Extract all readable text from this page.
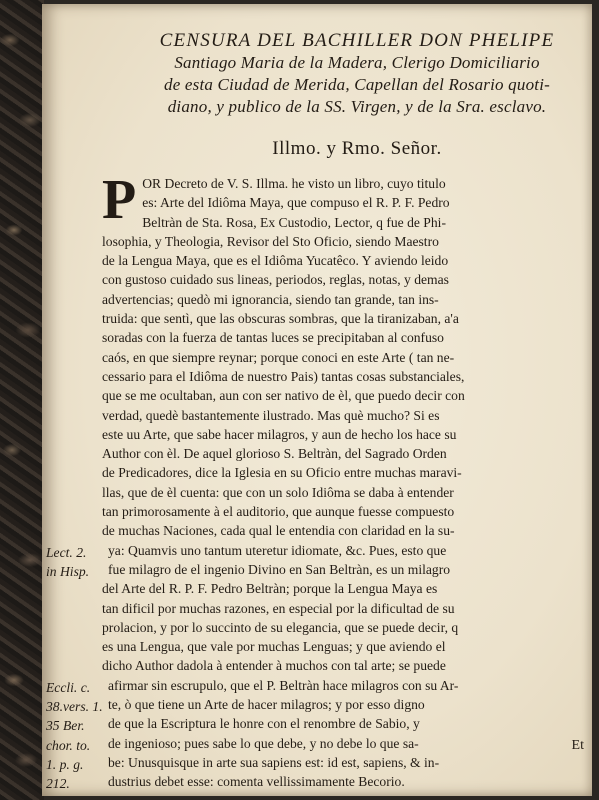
CENSURA DEL BACHILLER DON PHELIPE
Santiago Maria de la Madera, Clerigo Domiciliario
de esta Ciudad de Merida, Capellan del Rosario quoti-
diano, y publico de la SS. Virgen, y de la Sra. esclavo.
Illmo. y Rmo. Señor.
P OR Decreto de V. S. Illma. he visto un libro, cuyo titulo
es: Arte del Idiôma Maya, que compuso el R. P. F. Pedro
Beltràn de Sta. Rosa, Ex Custodio, Lector, q fue de Phi-
losophia, y Theologia, Revisor del Sto Oficio, siendo Maestro
de la Lengua Maya, que es el Idiôma Yucatêco. Y aviendo leido
con gustoso cuidado sus lineas, periodos, reglas, notas, y demas
advertencias; quedò mi ignorancia, siendo tan grande, tan ins-
truida: que sentì, que las obscuras sombras, que la tiranizaban, a'a
soradas con la fuerza de tantas luces se precipitaban al confuso
caós, en que siempre reynar; porque conoci en este Arte ( tan ne-
cessario para el Idiôma de nuestro Pais) tantas cosas substanciales,
que se me ocultaban, aun con ser nativo de èl, que puedo decir con
verdad, quedè bastantemente ilustrado. Mas què mucho? Si es
este uu Arte, que sabe hacer milagros, y aun de hecho los hace su
Author con èl. De aquel glorioso S. Beltràn, del Sagrado Orden
de Predicadores, dice la Iglesia en su Oficio entre muchas maravi-
llas, que de èl cuenta: que con un solo Idiôma se daba à entender
tan primorosamente à el auditorio, que aunque fuesse compuesto
de muchas Naciones, cada qual le entendia con claridad en la su-
ya: Quamvis uno tantum uteretur idiomate, &c. Pues, esto que
fue milagro de el ingenio Divino en San Beltràn, es un milagro
del Arte del R. P. F. Pedro Beltràn; porque la Lengua Maya es
tan dificil por muchas razones, en especial por la dificultad de su
prolacion, y por lo succinto de su elegancia, que se puede decir, q
es una Lengua, que vale por muchas Lenguas; y que aviendo el
dicho Author dadola à entender à muchos con tal arte; se puede
afirmar sin escrupulo, que el P. Beltràn hace milagros con su Ar-
te, ò que tiene un Arte de hacer milagros; y por esso digno
de que la Escriptura le honre con el renombre de Sabio, y
de ingenioso; pues sabe lo que debe, y no debe lo que sa-
be: Unusquisque in arte sua sapiens est: id est, sapiens, & in-
dustrius debet esse: comenta vellissimamente Becorio.
Lect. 2.
in Hisp.
Eccli. c.
38.vers. 1.
35 Ber.
chor. to.
1. p. g.
212.
Et
